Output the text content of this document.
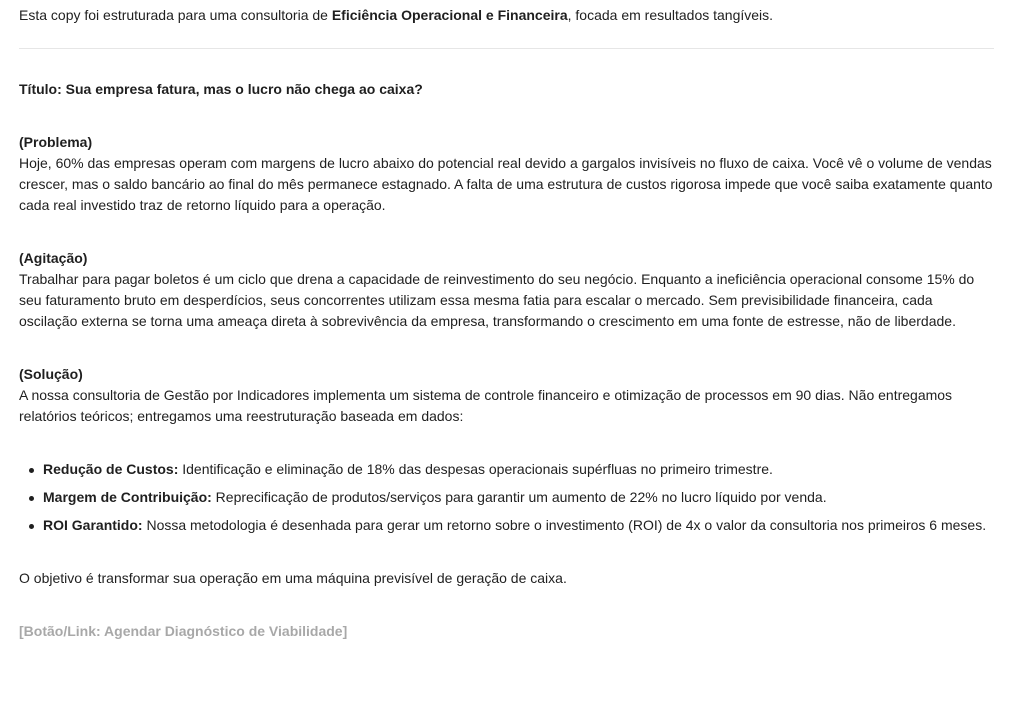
Esta copy foi estruturada para uma consultoria de Eficiência Operacional e Financeira, focada em resultados tangíveis.

Título: Sua empresa fatura, mas o lucro não chega ao caixa?

(Problema)

Hoje, 60% das empresas operam com margens de lucro abaixo do potencial real devido a gargalos invisíveis no fluxo de caixa. Você vê o volume de vendas crescer, mas o saldo bancário ao final do mês permanece estagnado. A falta de uma estrutura de custos rigorosa impede que você saiba exatamente quanto cada real investido traz de retorno líquido para a operação.

(Agitação)

Trabalhar para pagar boletos é um ciclo que drena a capacidade de reinvestimento do seu negócio. Enquanto a ineficiência operacional consome 15% do seu faturamento bruto em desperdícios, seus concorrentes utilizam essa mesma fatia para escalar o mercado. Sem previsibilidade financeira, cada oscilação externa se torna uma ameaça direta à sobrevivência da empresa, transformando o crescimento em uma fonte de estresse, não de liberdade.

(Solução)

A nossa consultoria de Gestão por Indicadores implementa um sistema de controle financeiro e otimização de processos em 90 dias. Não entregamos relatórios teóricos; entregamos uma reestruturação baseada em dados:

Redução de Custos: Identificação e eliminação de 18% das despesas operacionais supérfluas no primeiro trimestre.
Margem de Contribuição: Reprecificação de produtos/serviços para garantir um aumento de 22% no lucro líquido por venda.
ROI Garantido: Nossa metodologia é desenhada para gerar um retorno sobre o investimento (ROI) de 4x o valor da consultoria nos primeiros 6 meses.

O objetivo é transformar sua operação em uma máquina previsível de geração de caixa.

[Botão/Link: Agendar Diagnóstico de Viabilidade]
